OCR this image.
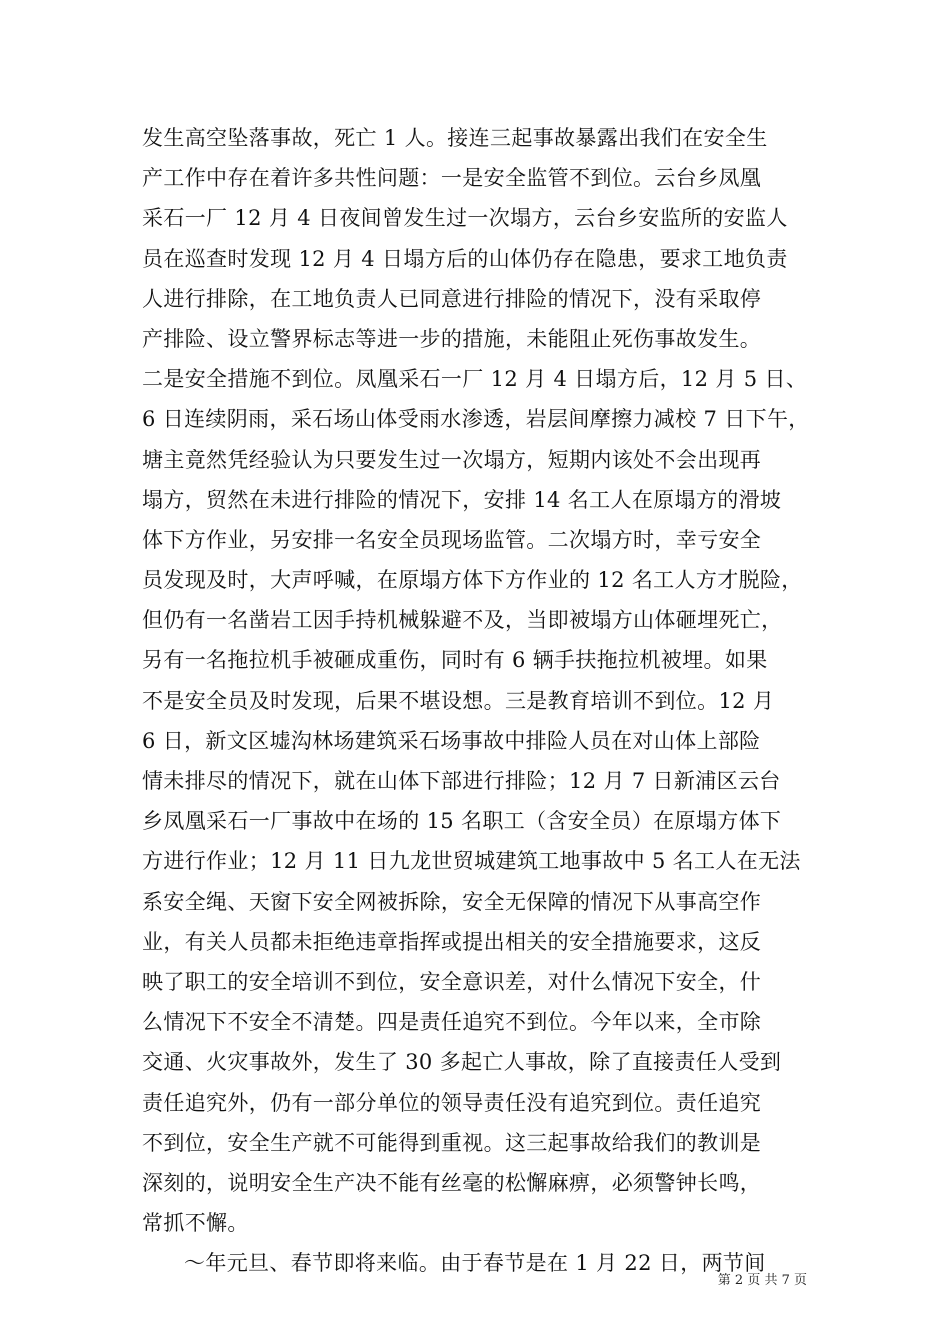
发生高空坠落事故，死亡 1 人。接连三起事故暴露出我们在安全生
产工作中存在着许多共性问题：一是安全监管不到位。云台乡凤凰
采石一厂 12 月 4 日夜间曾发生过一次塌方，云台乡安监所的安监人
员在巡查时发现 12 月 4 日塌方后的山体仍存在隐患，要求工地负责
人进行排除，在工地负责人已同意进行排险的情况下，没有采取停
产排险、设立警界标志等进一步的措施，未能阻止死伤事故发生。
二是安全措施不到位。凤凰采石一厂 12 月 4 日塌方后，12 月 5 日、
6 日连续阴雨，采石场山体受雨水渗透，岩层间摩擦力减校 7 日下午，
塘主竟然凭经验认为只要发生过一次塌方，短期内该处不会出现再
塌方，贸然在未进行排险的情况下，安排 14 名工人在原塌方的滑坡
体下方作业，另安排一名安全员现场监管。二次塌方时，幸亏安全
员发现及时，大声呼喊，在原塌方体下方作业的 12 名工人方才脱险，
但仍有一名凿岩工因手持机械躲避不及，当即被塌方山体砸埋死亡，
另有一名拖拉机手被砸成重伤，同时有 6 辆手扶拖拉机被埋。如果
不是安全员及时发现，后果不堪设想。三是教育培训不到位。12 月
6 日，新文区墟沟林场建筑采石场事故中排险人员在对山体上部险
情未排尽的情况下，就在山体下部进行排险；12 月 7 日新浦区云台
乡凤凰采石一厂事故中在场的 15 名职工（含安全员）在原塌方体下
方进行作业；12 月 11 日九龙世贸城建筑工地事故中 5 名工人在无法
系安全绳、天窗下安全网被拆除，安全无保障的情况下从事高空作
业，有关人员都未拒绝违章指挥或提出相关的安全措施要求，这反
映了职工的安全培训不到位，安全意识差，对什么情况下安全，什
么情况下不安全不清楚。四是责任追究不到位。今年以来，全市除
交通、火灾事故外，发生了 30 多起亡人事故，除了直接责任人受到
责任追究外，仍有一部分单位的领导责任没有追究到位。责任追究
不到位，安全生产就不可能得到重视。这三起事故给我们的教训是
深刻的，说明安全生产决不能有丝毫的松懈麻痹，必须警钟长鸣，
常抓不懈。
～年元旦、春节即将来临。由于春节是在 1 月 22 日，两节间
第 2 页 共 7 页
